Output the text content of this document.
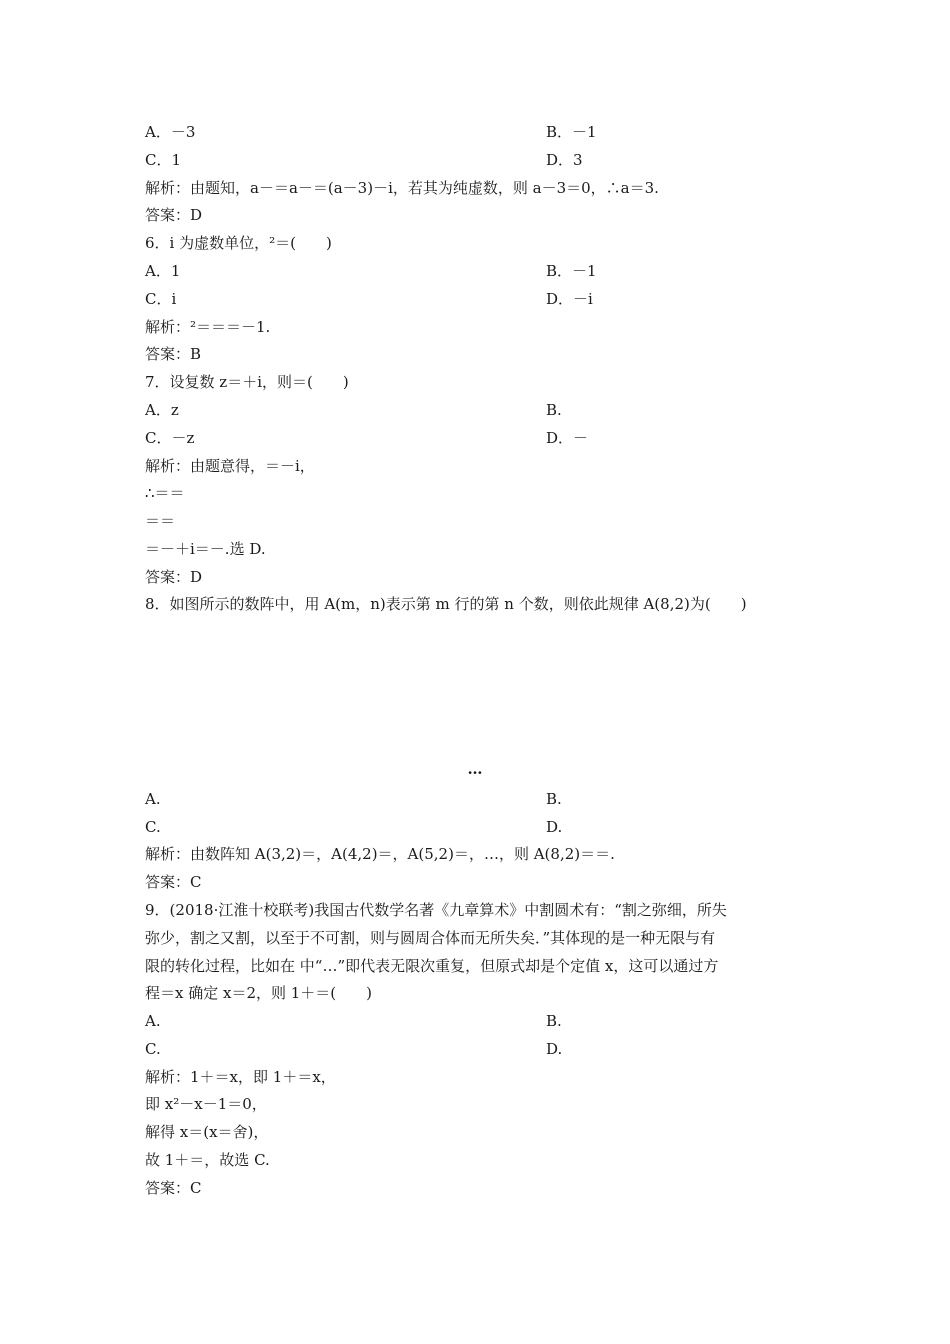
A．－3	B．－1
C．1	D．3
解析：由题知，a－＝a－＝(a－3)－i，若其为纯虚数，则 a－3＝0，∴a＝3.
答案：D
6．i 为虚数单位，²＝(　　)
A．1	B．－1
C．i	D．－i
解析：²＝＝＝－1.
答案：B
7．设复数 z＝＋i，则＝(　　)
A．z	B.
C．－z	D．－
解析：由题意得，＝－i，
∴＝＝
＝＝
＝－＋i＝－.选 D.
答案：D
8．如图所示的数阵中，用 A(m，n)表示第 m 行的第 n 个数，则依此规律 A(8,2)为(　　)
…
A.	B.
C.	D.
解析：由数阵知 A(3,2)＝，A(4,2)＝，A(5,2)＝，…，则 A(8,2)＝＝.
答案：C
9．(2018·江淮十校联考)我国古代数学名著《九章算术》中割圆术有：“割之弥细，所失
弥少，割之又割，以至于不可割，则与圆周合体而无所失矣．”其体现的是一种无限与有
限的转化过程，比如在 中“…”即代表无限次重复，但原式却是个定值 x，这可以通过方
程＝x 确定 x＝2，则 1＋＝(　　)
A.	B.
C.	D.
解析：1＋＝x，即 1＋＝x，
即 x²－x－1＝0，
解得 x＝(x＝舍)，
故 1＋＝，故选 C.
答案：C
